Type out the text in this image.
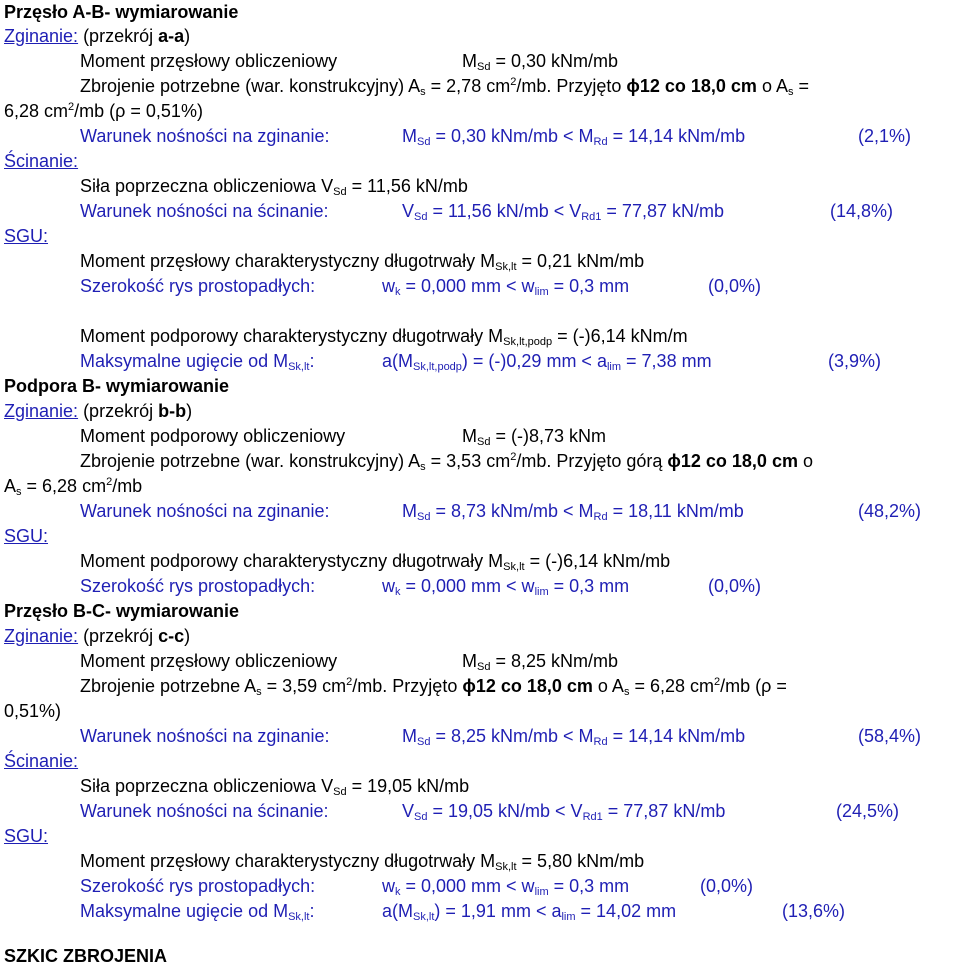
Przęsło A-B- wymiarowanie
Zginanie: (przekrój a-a)
Moment przęsłowy obliczeniowy	$M_{Sd} = 0,30$ kNm/mb
Zbrojenie potrzebne (war. konstrukcyjny) $A_s = 2,78$ $cm^2/mb$. Przyjęto ϕ12 co 18,0 cm o $A_s$ =
6,28 $cm^2/mb$ (ρ = 0,51%)
Warunek nośności na zginanie:	$M_{Sd} = 0,30$ $kNm/mb < M_{Rd} = 14,14$ kNm/mb	(2,1%)
Ścinanie:
Siła poprzeczna obliczeniowa $V_{Sd} = 11,56$ kN/mb
Warunek nośności na ścinanie:	$V_{Sd} = 11,56$ $kN/mb < V_{Rd1} = 77,87$ kN/mb	(14,8%)
SGU:
Moment przęsłowy charakterystyczny długotrwały $M_{Sk,lt} = 0,21$ kNm/mb
Szerokość rys prostopadłych:	$w_k = 0,000$ mm < $w_{lim} = 0,3$ mm	(0,0%)
Moment podporowy charakterystyczny długotrwały $M_{Sk,lt,podp} = (-)6,14$ kNm/m
Maksymalne ugięcie od $M_{Sk,lt}$:	$a(M_{Sk,lt,podp}) = (-)0,29$ mm < $a_{lim} = 7,38$ mm	(3,9%)
Podpora B- wymiarowanie
Zginanie: (przekrój b-b)
Moment podporowy obliczeniowy	$M_{Sd} = (-)8,73$ kNm
Zbrojenie potrzebne (war. konstrukcyjny) $A_s = 3,53$ $cm^2/mb$. Przyjęto górą ϕ12 co 18,0 cm o
$A_s = 6,28$ $cm^2/mb$
Warunek nośności na zginanie:	$M_{Sd} = 8,73$ $kNm/mb < M_{Rd} = 18,11$ kNm/mb	(48,2%)
SGU:
Moment podporowy charakterystyczny długotrwały $M_{Sk,lt} = (-)6,14$ kNm/mb
Szerokość rys prostopadłych:	$w_k = 0,000$ mm < $w_{lim} = 0,3$ mm	(0,0%)
Przęsło B-C- wymiarowanie
Zginanie: (przekrój c-c)
Moment przęsłowy obliczeniowy	$M_{Sd} = 8,25$ kNm/mb
Zbrojenie potrzebne $A_s = 3,59$ $cm^2/mb$. Przyjęto ϕ12 co 18,0 cm o $A_s = 6,28$ $cm^2/mb$ (ρ =
0,51%)
Warunek nośności na zginanie:	$M_{Sd} = 8,25$ $kNm/mb < M_{Rd} = 14,14$ kNm/mb	(58,4%)
Ścinanie:
Siła poprzeczna obliczeniowa $V_{Sd} = 19,05$ kN/mb
Warunek nośności na ścinanie:	$V_{Sd} = 19,05$ $kN/mb < V_{Rd1} = 77,87$ kN/mb	(24,5%)
SGU:
Moment przęsłowy charakterystyczny długotrwały $M_{Sk,lt} = 5,80$ kNm/mb
Szerokość rys prostopadłych:	$w_k = 0,000$ mm < $w_{lim} = 0,3$ mm	(0,0%)
Maksymalne ugięcie od $M_{Sk,lt}$:	$a(M_{Sk,lt}) = 1,91$ mm < $a_{lim} = 14,02$ mm	(13,6%)
SZKIC ZBROJENIA
